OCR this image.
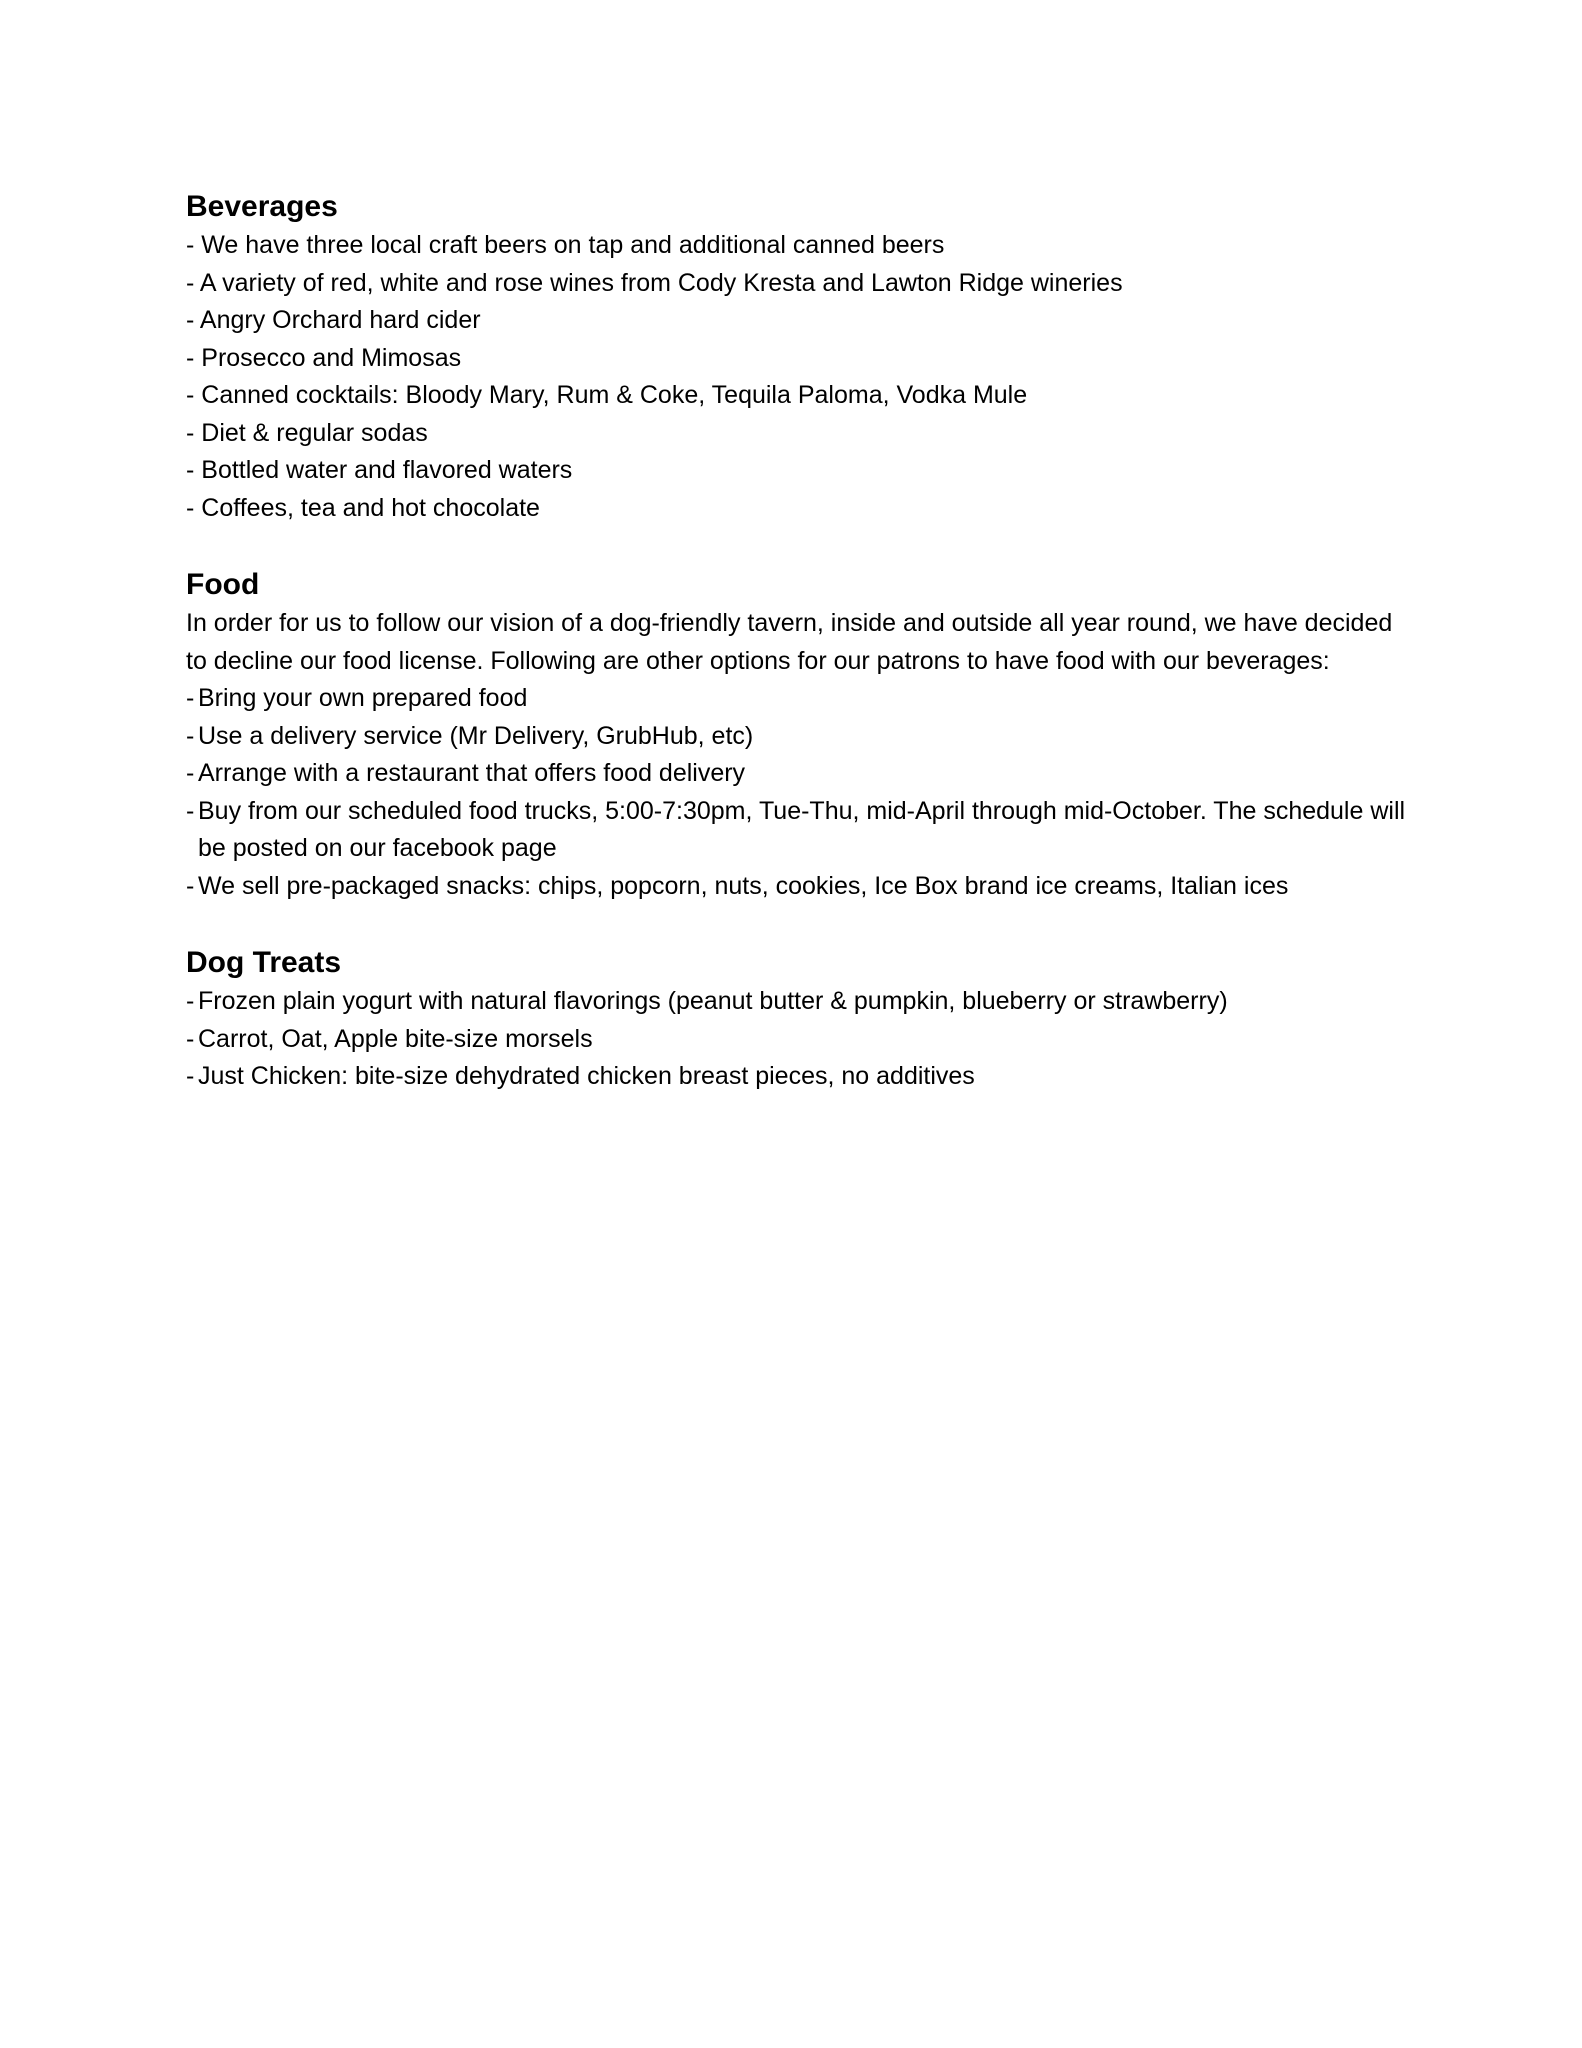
Beverages

- We have three local craft beers on tap and additional canned beers

- A variety of red, white and rose wines from Cody Kresta and Lawton Ridge wineries

- Angry Orchard hard cider

- Prosecco and Mimosas

- Canned cocktails: Bloody Mary, Rum & Coke, Tequila Paloma, Vodka Mule

- Diet & regular sodas

- Bottled water and flavored waters

- Coffees, tea and hot chocolate

Food

In order for us to follow our vision of a dog-friendly tavern, inside and outside all year round, we have decided to decline our food license. Following are other options for our patrons to have food with our beverages:

- Bring your own prepared food
- Use a delivery service (Mr Delivery, GrubHub, etc)
- Arrange with a restaurant that offers food delivery
- Buy from our scheduled food trucks, 5:00-7:30pm, Tue-Thu, mid-April through mid-October. The schedule will be posted on our facebook page
- We sell pre-packaged snacks: chips, popcorn, nuts, cookies, Ice Box brand ice creams, Italian ices
Dog Treats
- Frozen plain yogurt with natural flavorings (peanut butter & pumpkin, blueberry or strawberry)
- Carrot, Oat, Apple bite-size morsels
- Just Chicken: bite-size dehydrated chicken breast pieces, no additives
